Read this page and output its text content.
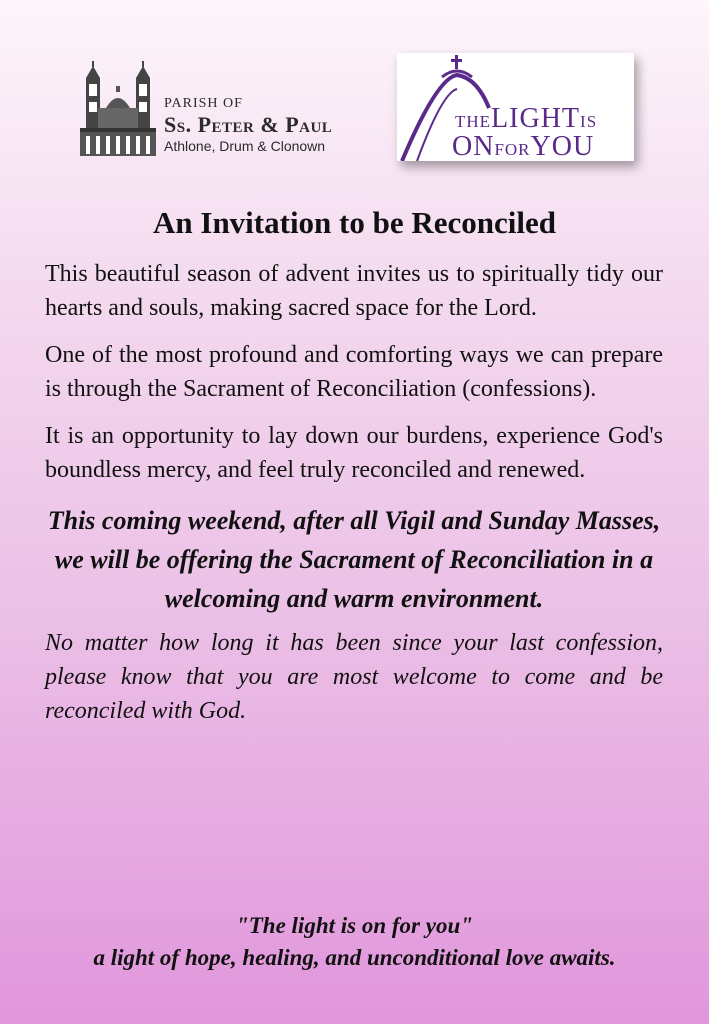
PARISH OF
Ss. Peter & Paul
Athlone, Drum & Clonown
THELIGHTIS
ONFORYOU
An Invitation to be Reconciled

This beautiful season of advent invites us to spiritually tidy our hearts and souls, making sacred space for the Lord.

One of the most profound and comforting ways we can prepare is through the Sacrament of Reconciliation (confessions).

It is an opportunity to lay down our burdens, experience God's boundless mercy, and feel truly reconciled and renewed.

This coming weekend, after all Vigil and Sunday Masses, we will be offering the Sacrament of Reconciliation in a welcoming and warm environment.

No matter how long it has been since your last confession, please know that you are most welcome to come and be reconciled with God.

"The light is on for you"
a light of hope, healing, and unconditional love awaits.
